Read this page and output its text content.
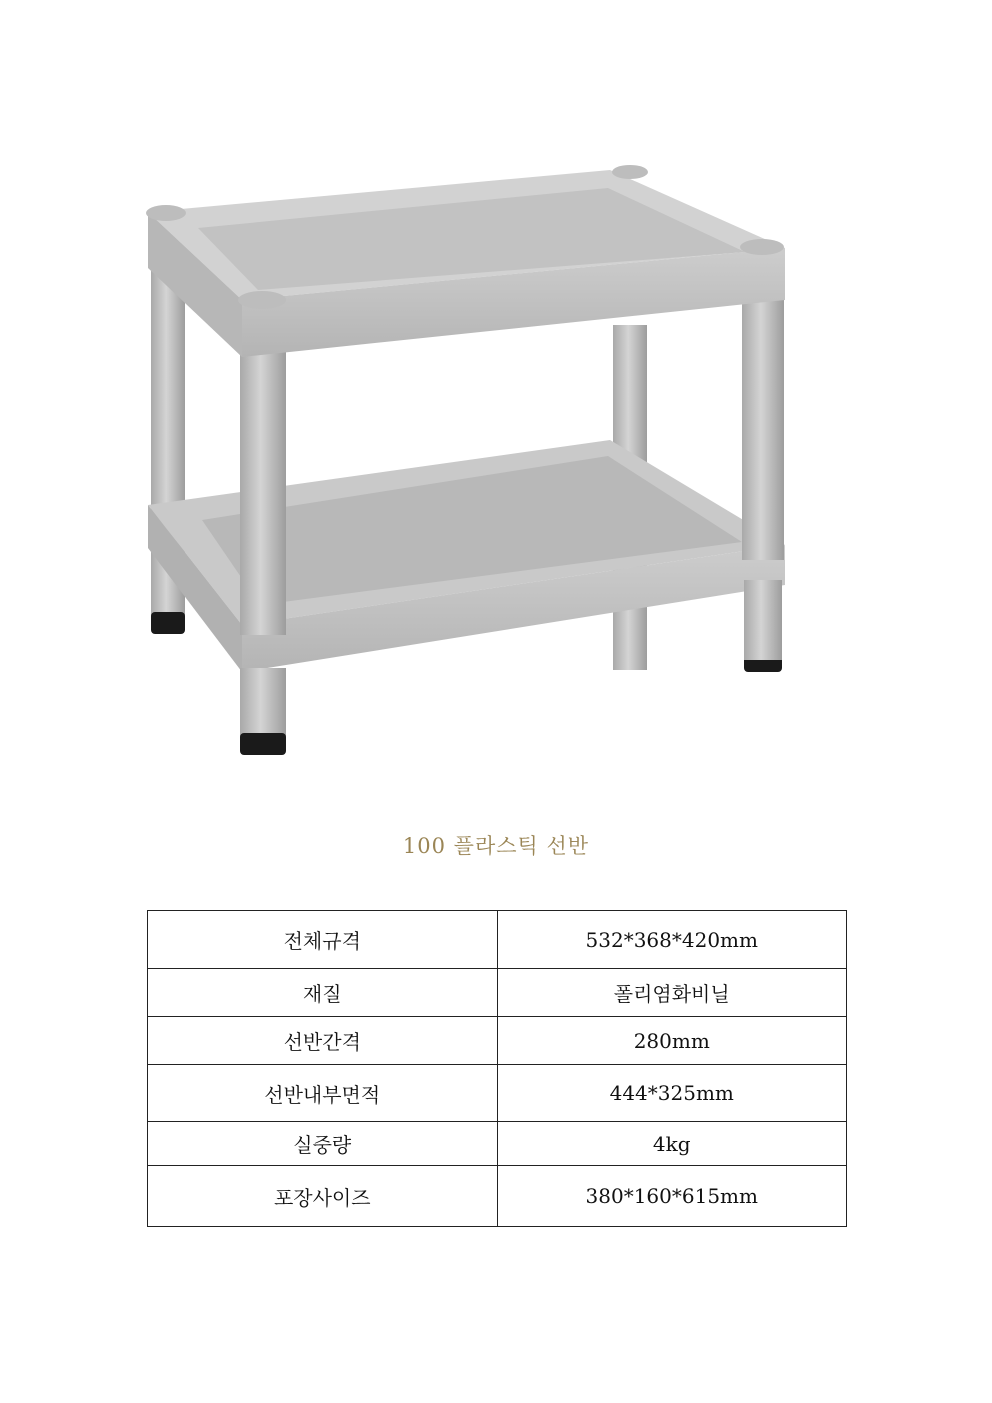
100 플라스틱 선반
전체규격	532*368*420mm
재질	폴리염화비닐
선반간격	280mm
선반내부면적	444*325mm
실중량	4kg
포장사이즈	380*160*615mm
